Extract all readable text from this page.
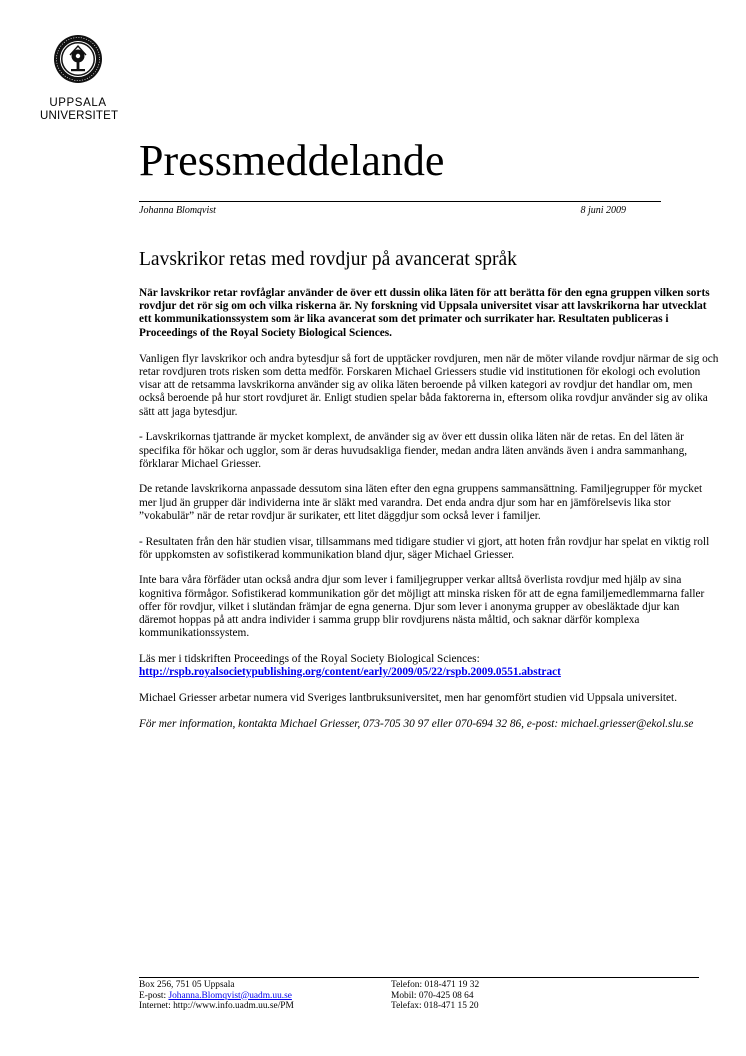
UPPSALA
UNIVERSITET
Pressmeddelande
Johanna Blomqvist	8 juni 2009
Lavskrikor retas med rovdjur på avancerat språk

När lavskrikor retar rovfåglar använder de över ett dussin olika läten för att berätta för den egna gruppen vilken sorts rovdjur det rör sig om och vilka riskerna är. Ny forskning vid Uppsala universitet visar att lavskrikorna har utvecklat ett kommunikationssystem som är lika avancerat som det primater och surrikater har. Resultaten publiceras i Proceedings of the Royal Society Biological Sciences.

Vanligen flyr lavskrikor och andra bytesdjur så fort de upptäcker rovdjuren, men när de möter vilande rovdjur närmar de sig och retar rovdjuren trots risken som detta medför. Forskaren Michael Griessers studie vid institutionen för ekologi och evolution visar att de retsamma lavskrikorna använder sig av olika läten beroende på vilken kategori av rovdjur det handlar om, men också beroende på hur stort rovdjuret är. Enligt studien spelar båda faktorerna in, eftersom olika rovdjur använder sig av olika sätt att jaga bytesdjur.

- Lavskrikornas tjattrande är mycket komplext, de använder sig av över ett dussin olika läten när de retas. En del läten är specifika för hökar och ugglor, som är deras huvudsakliga fiender, medan andra läten används även i andra sammanhang, förklarar Michael Griesser.

De retande lavskrikorna anpassade dessutom sina läten efter den egna gruppens sammansättning. Familjegrupper för mycket mer ljud än grupper där individerna inte är släkt med varandra. Det enda andra djur som har en jämförelsevis lika stor ”vokabulär” när de retar rovdjur är surikater, ett litet däggdjur som också lever i familjer.

- Resultaten från den här studien visar, tillsammans med tidigare studier vi gjort, att hoten från rovdjur har spelat en viktig roll för uppkomsten av sofistikerad kommunikation bland djur, säger Michael Griesser.

Inte bara våra förfäder utan också andra djur som lever i familjegrupper verkar alltså överlista rovdjur med hjälp av sina kognitiva förmågor. Sofistikerad kommunikation gör det möjligt att minska risken för att de egna familjemedlemmarna faller offer för rovdjur, vilket i slutändan främjar de egna generna. Djur som lever i anonyma grupper av obesläktade djur kan däremot hoppas på att andra individer i samma grupp blir rovdjurens nästa måltid, och saknar därför komplexa kommunikationssystem.

Läs mer i tidskriften Proceedings of the Royal Society Biological Sciences:
http://rspb.royalsocietypublishing.org/content/early/2009/05/22/rspb.2009.0551.abstract

Michael Griesser arbetar numera vid Sveriges lantbruksuniversitet, men har genomfört studien vid Uppsala universitet.

För mer information, kontakta Michael Griesser, 073-705 30 97 eller 070-694 32 86, e-post: michael.griesser@ekol.slu.se

Box 256, 751 05 Uppsala
E-post: Johanna.Blomqvist@uadm.uu.se
Internet: http://www.info.uadm.uu.se/PM
Telefon: 018-471 19 32
Mobil: 070-425 08 64
Telefax: 018-471 15 20
